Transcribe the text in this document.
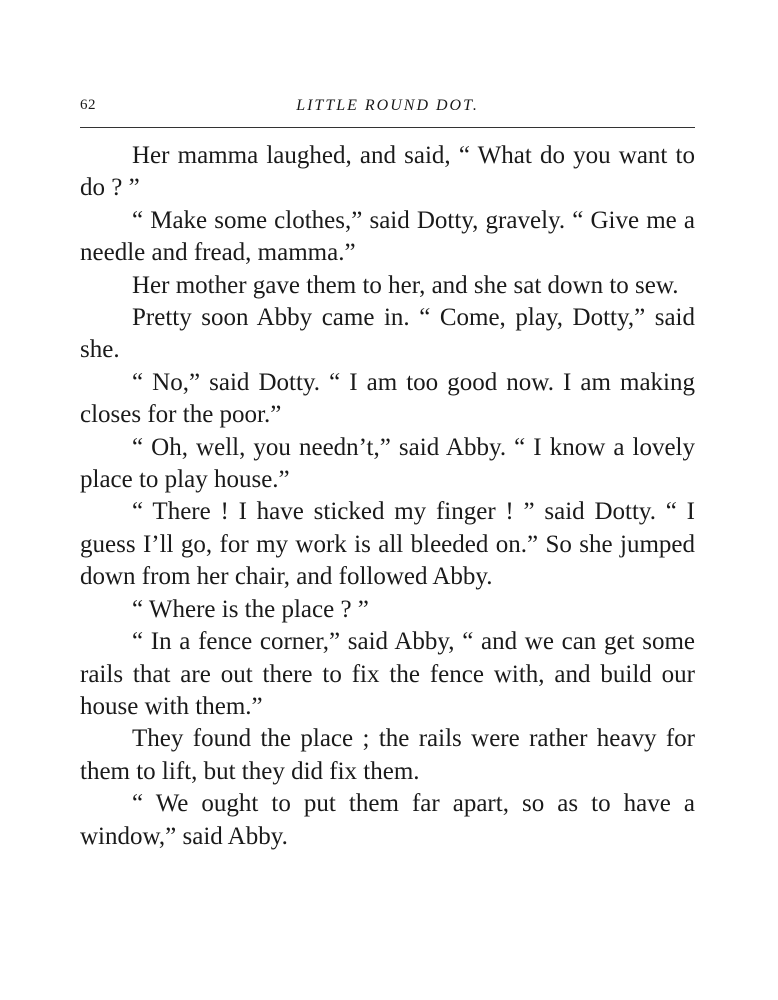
62	LITTLE ROUND DOT.

Her mamma laughed, and said, “ What do you want to do ? ”

“ Make some clothes,” said Dotty, gravely. “ Give me a needle and fread, mamma.”

Her mother gave them to her, and she sat down to sew.

Pretty soon Abby came in. “ Come, play, Dotty,” said she.

“ No,” said Dotty. “ I am too good now. I am making closes for the poor.”

“ Oh, well, you needn’t,” said Abby. “ I know a lovely place to play house.”

“ There ! I have sticked my finger ! ” said Dotty. “ I guess I’ll go, for my work is all bleeded on.” So she jumped down from her chair, and followed Abby.

“ Where is the place ? ”

“ In a fence corner,” said Abby, “ and we can get some rails that are out there to fix the fence with, and build our house with them.”

They found the place ; the rails were rather heavy for them to lift, but they did fix them.

“ We ought to put them far apart, so as to have a window,” said Abby.
